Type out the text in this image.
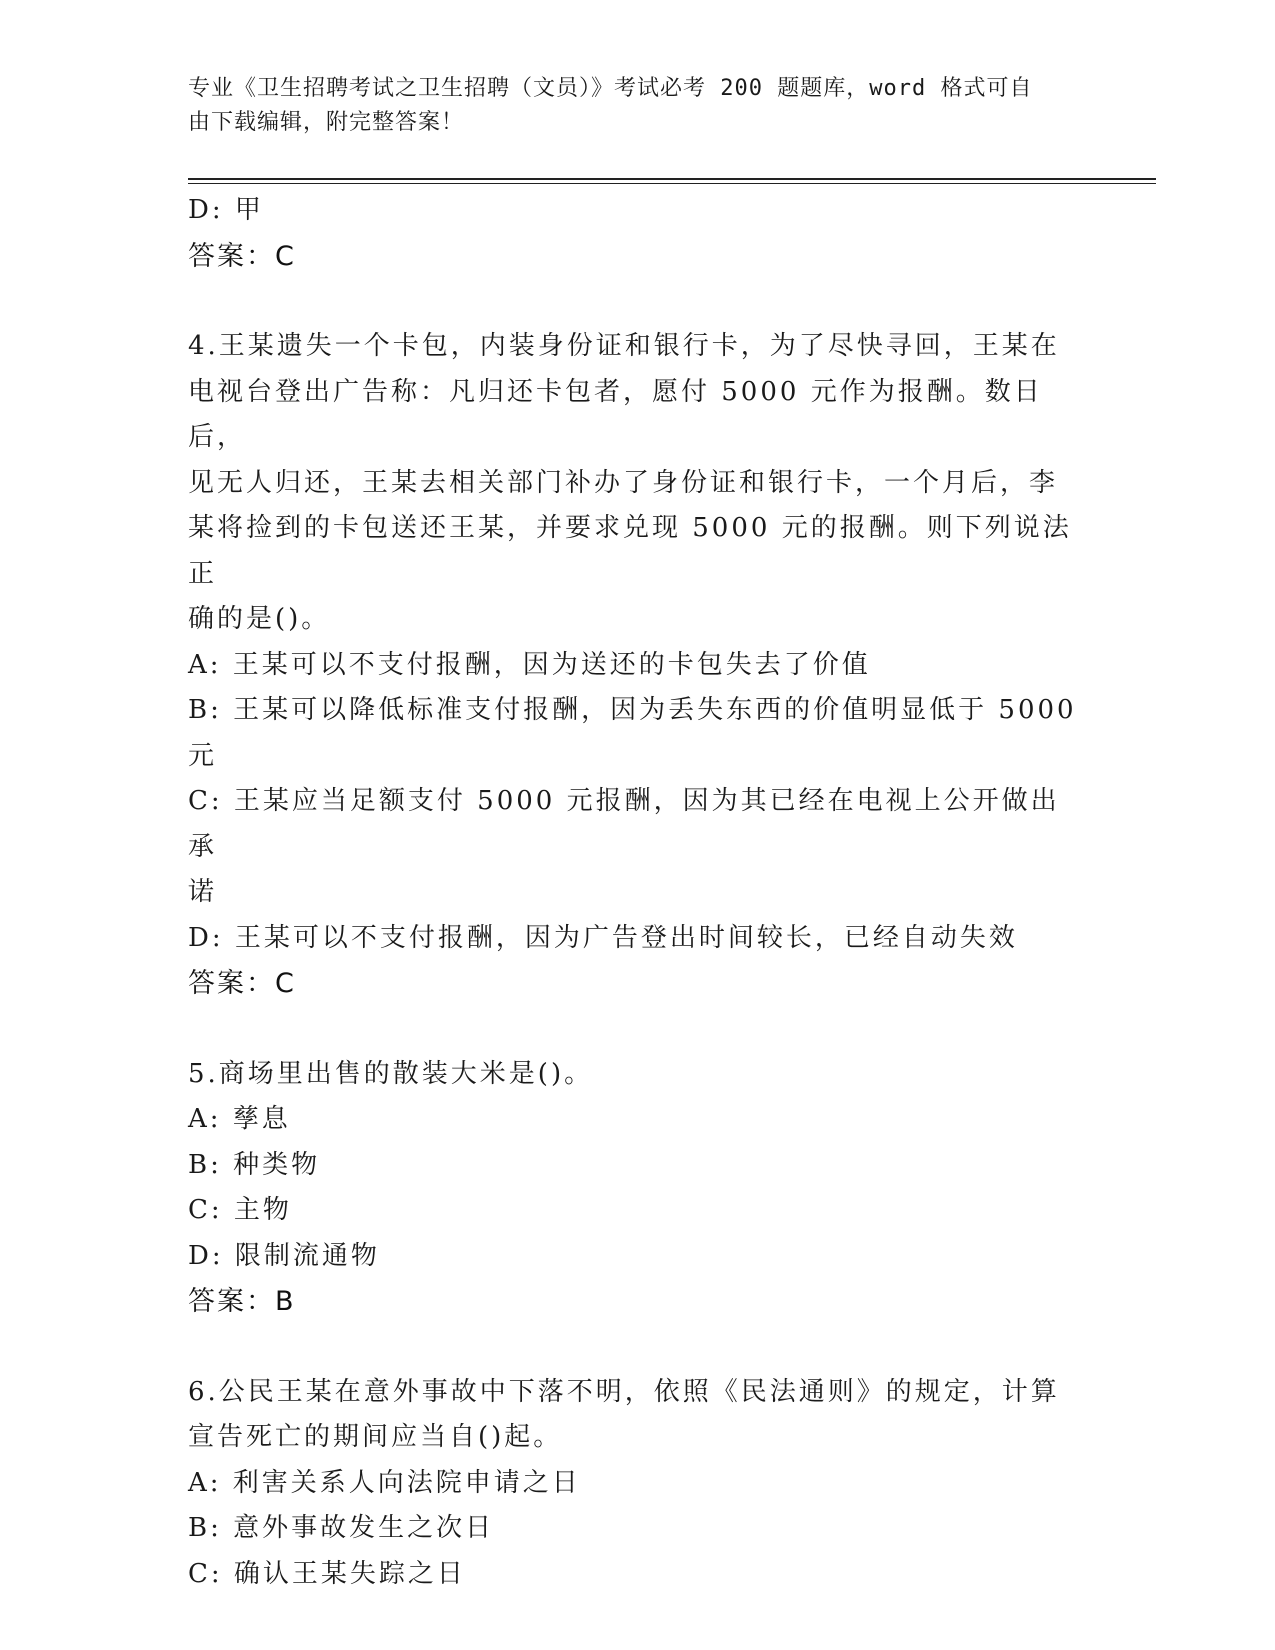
专业《卫生招聘考试之卫生招聘（文员）》考试必考 200 题题库，word 格式可自
由下载编辑，附完整答案！

D: 甲

答案：C

4.王某遗失一个卡包，内装身份证和银行卡，为了尽快寻回，王某在

电视台登出广告称：凡归还卡包者，愿付 5000 元作为报酬。数日后，

见无人归还，王某去相关部门补办了身份证和银行卡，一个月后，李

某将捡到的卡包送还王某，并要求兑现 5000 元的报酬。则下列说法正

确的是()。

A: 王某可以不支付报酬，因为送还的卡包失去了价值

B: 王某可以降低标准支付报酬，因为丢失东西的价值明显低于 5000

元

C: 王某应当足额支付 5000 元报酬，因为其已经在电视上公开做出承

诺

D: 王某可以不支付报酬，因为广告登出时间较长，已经自动失效

答案：C

5.商场里出售的散装大米是()。

A: 孳息

B: 种类物

C: 主物

D: 限制流通物

答案：B

6.公民王某在意外事故中下落不明，依照《民法通则》的规定，计算

宣告死亡的期间应当自()起。

A: 利害关系人向法院申请之日

B: 意外事故发生之次日

C: 确认王某失踪之日
